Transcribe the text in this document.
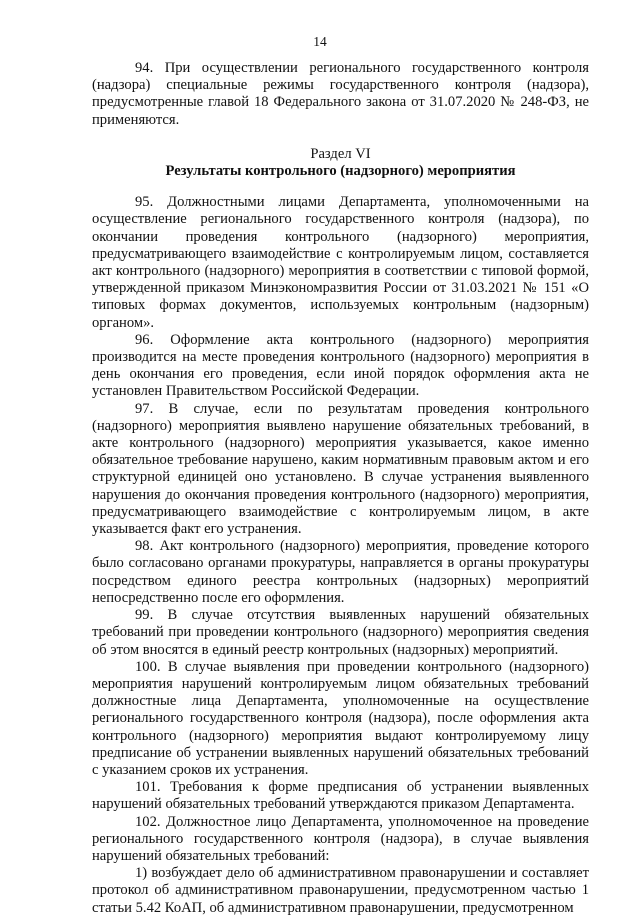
14

94. При осуществлении регионального государственного контроля (надзора) специальные режимы государственного контроля (надзора), предусмотренные главой 18 Федерального закона от 31.07.2020 № 248-ФЗ, не применяются.

Раздел VI

Результаты контрольного (надзорного) мероприятия

95. Должностными лицами Департамента, уполномоченными на осуществление регионального государственного контроля (надзора), по окончании проведения контрольного (надзорного) мероприятия, предусматривающего взаимодействие с контролируемым лицом, составляется акт контрольного (надзорного) мероприятия в соответствии с типовой формой, утвержденной приказом Минэкономразвития России от 31.03.2021 № 151 «О типовых формах документов, используемых контрольным (надзорным) органом».

96. Оформление акта контрольного (надзорного) мероприятия производится на месте проведения контрольного (надзорного) мероприятия в день окончания его проведения, если иной порядок оформления акта не установлен Правительством Российской Федерации.

97. В случае, если по результатам проведения контрольного (надзорного) мероприятия выявлено нарушение обязательных требований, в акте контрольного (надзорного) мероприятия указывается, какое именно обязательное требование нарушено, каким нормативным правовым актом и его структурной единицей оно установлено. В случае устранения выявленного нарушения до окончания проведения контрольного (надзорного) мероприятия, предусматривающего взаимодействие с контролируемым лицом, в акте указывается факт его устранения.

98. Акт контрольного (надзорного) мероприятия, проведение которого было согласовано органами прокуратуры, направляется в органы прокуратуры посредством единого реестра контрольных (надзорных) мероприятий непосредственно после его оформления.

99. В случае отсутствия выявленных нарушений обязательных требований при проведении контрольного (надзорного) мероприятия сведения об этом вносятся в единый реестр контрольных (надзорных) мероприятий.

100. В случае выявления при проведении контрольного (надзорного) мероприятия нарушений контролируемым лицом обязательных требований должностные лица Департамента, уполномоченные на осуществление регионального государственного контроля (надзора), после оформления акта контрольного (надзорного) мероприятия выдают контролируемому лицу предписание об устранении выявленных нарушений обязательных требований с указанием сроков их устранения.

101. Требования к форме предписания об устранении выявленных нарушений обязательных требований утверждаются приказом Департамента.

102. Должностное лицо Департамента, уполномоченное на проведение регионального государственного контроля (надзора), в случае выявления нарушений обязательных требований:

1) возбуждает дело об административном правонарушении и составляет протокол об административном правонарушении, предусмотренном частью 1 статьи 5.42 КоАП, об административном правонарушении, предусмотренном
